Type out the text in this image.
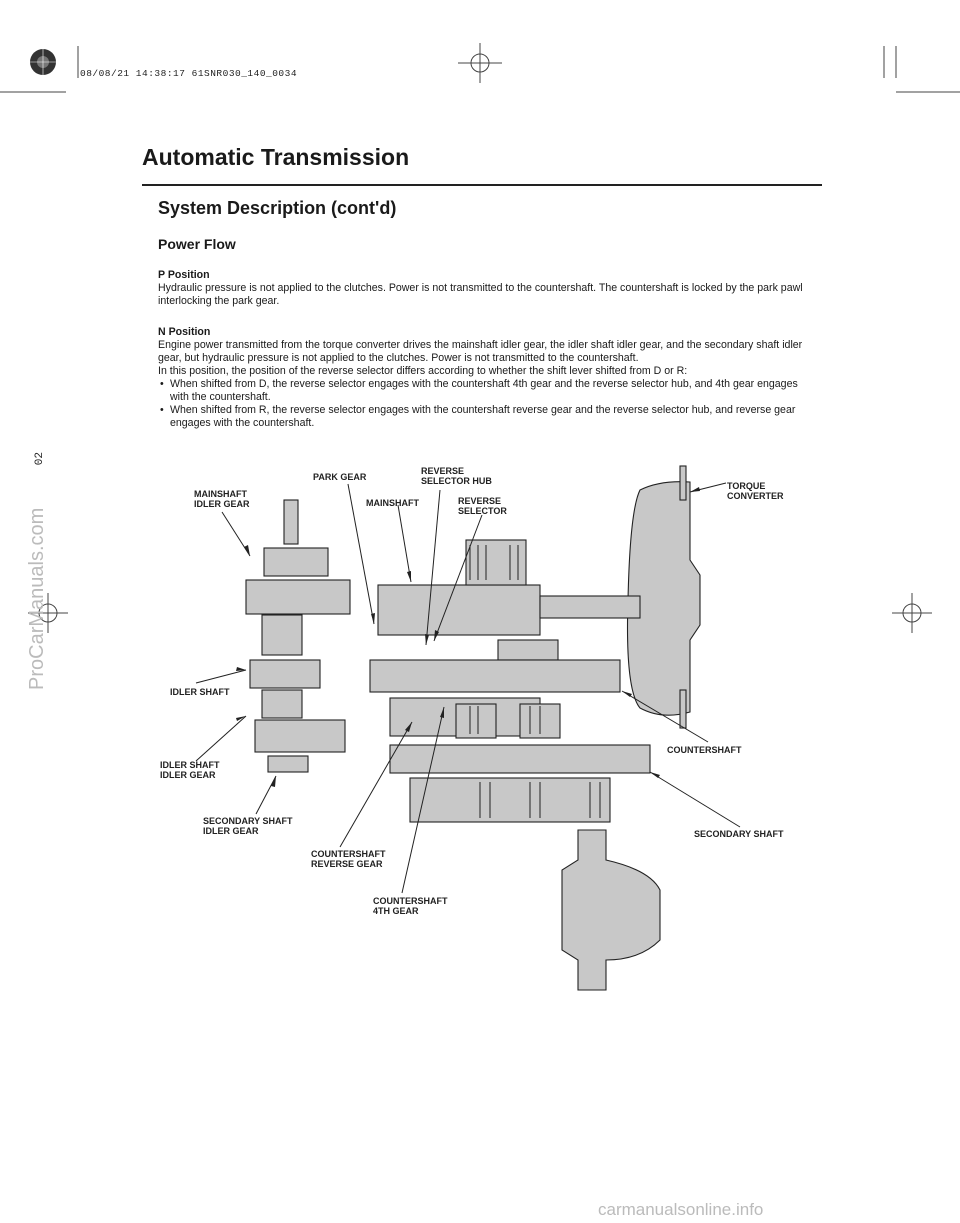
08/08/21 14:38:17 61SNR030_140_0034
Automatic Transmission
System Description (cont'd)
Power Flow
P Position

Hydraulic pressure is not applied to the clutches. Power is not transmitted to the countershaft. The countershaft is locked by the park pawl interlocking the park gear.

N Position

Engine power transmitted from the torque converter drives the mainshaft idler gear, the idler shaft idler gear, and the secondary shaft idler gear, but hydraulic pressure is not applied to the clutches. Power is not transmitted to the countershaft.

In this position, the position of the reverse selector differs according to whether the shift lever shifted from D or R:

• When shifted from D, the reverse selector engages with the countershaft 4th gear and the reverse selector hub, and 4th gear engages with the countershaft.
• When shifted from R, the reverse selector engages with the countershaft reverse gear and the reverse selector hub, and reverse gear engages with the countershaft.
MAINSHAFT
IDLER GEAR
PARK GEAR
REVERSE
SELECTOR HUB
MAINSHAFT	REVERSE
SELECTOR
TORQUE
CONVERTER
IDLER SHAFT
IDLER SHAFT
IDLER GEAR
SECONDARY SHAFT
IDLER GEAR
COUNTERSHAFT
REVERSE GEAR
COUNTERSHAFT
4TH GEAR
COUNTERSHAFT
SECONDARY SHAFT
ProCarManuals.com
02
carmanualsonline.info
